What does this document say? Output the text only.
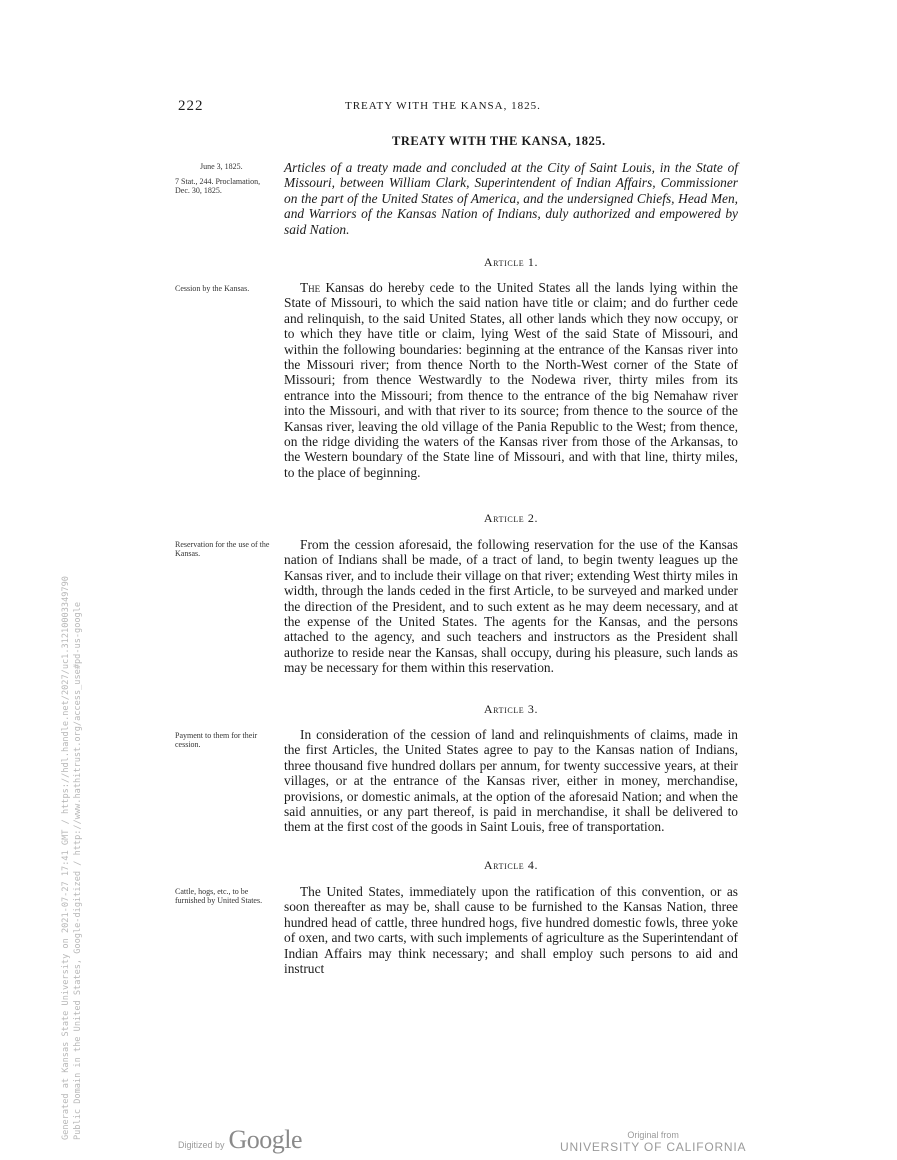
222	TREATY WITH THE KANSA, 1825.
TREATY WITH THE KANSA, 1825.
June 3, 1825.
7 Stat., 244. Proclamation, Dec. 30, 1825.
Articles of a treaty made and concluded at the City of Saint Louis, in the State of Missouri, between William Clark, Superintendent of Indian Affairs, Commissioner on the part of the United States of America, and the undersigned Chiefs, Head Men, and Warriors of the Kansas Nation of Indians, duly authorized and empowered by said Nation.
Article 1.
Cession by the Kansas.	The Kansas do hereby cede to the United States all the lands lying within the State of Missouri, to which the said nation have title or claim; and do further cede and relinquish, to the said United States, all other lands which they now occupy, or to which they have title or claim, lying West of the said State of Missouri, and within the following boundaries: beginning at the entrance of the Kansas river into the Missouri river; from thence North to the North-West corner of the State of Missouri; from thence Westwardly to the Nodewa river, thirty miles from its entrance into the Missouri; from thence to the entrance of the big Nemahaw river into the Missouri, and with that river to its source; from thence to the source of the Kansas river, leaving the old village of the Pania Republic to the West; from thence, on the ridge dividing the waters of the Kansas river from those of the Arkansas, to the Western boundary of the State line of Missouri, and with that line, thirty miles, to the place of beginning.
Article 2.
Reservation for the use of the Kansas.
From the cession aforesaid, the following reservation for the use of the Kansas nation of Indians shall be made, of a tract of land, to begin twenty leagues up the Kansas river, and to include their village on that river; extending West thirty miles in width, through the lands ceded in the first Article, to be surveyed and marked under the direction of the President, and to such extent as he may deem necessary, and at the expense of the United States. The agents for the Kansas, and the persons attached to the agency, and such teachers and instructors as the President shall authorize to reside near the Kansas, shall occupy, during his pleasure, such lands as may be necessary for them within this reservation.
Article 3.
Payment to them for their cession.
In consideration of the cession of land and relinquishments of claims, made in the first Articles, the United States agree to pay to the Kansas nation of Indians, three thousand five hundred dollars per annum, for twenty successive years, at their villages, or at the entrance of the Kansas river, either in money, merchandise, provisions, or domestic animals, at the option of the aforesaid Nation; and when the said annuities, or any part thereof, is paid in merchandise, it shall be delivered to them at the first cost of the goods in Saint Louis, free of transportation.
Article 4.
Cattle, hogs, etc., to be furnished by United States.
The United States, immediately upon the ratification of this convention, or as soon thereafter as may be, shall cause to be furnished to the Kansas Nation, three hundred head of cattle, three hundred hogs, five hundred domestic fowls, three yoke of oxen, and two carts, with such implements of agriculture as the Superintendant of Indian Affairs may think necessary; and shall employ such persons to aid and instruct
Generated at Kansas State University on 2021-07-27 17:41 GMT / https://hdl.handle.net/2027/uc1.31210003349790 Public Domain in the United States, Google-digitized / http://www.hathitrust.org/access_use#pd-us-google
Digitized by Google	Original from
UNIVERSITY OF CALIFORNIA
